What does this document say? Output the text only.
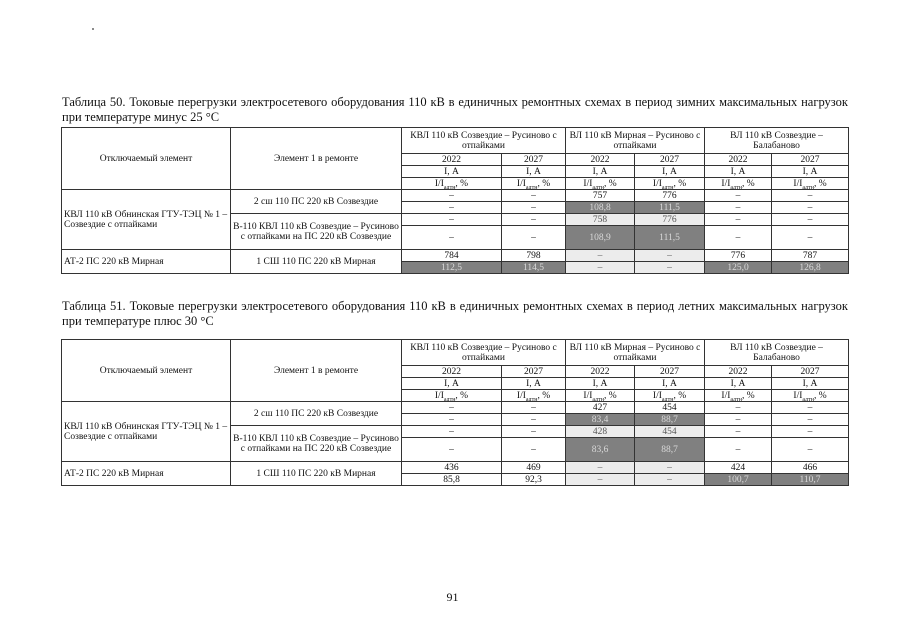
Таблица 50. Токовые перегрузки электросетевого оборудования 110 кВ в единичных ремонтных схемах в период зимних максимальных нагрузок при температуре минус 25 °С
Отключаемый элемент	Элемент 1 в ремонте	КВЛ 110 кВ Созвездие – Русиново с отпайками		ВЛ 110 кВ Мирная – Русиново с отпайками		ВЛ 110 кВ Созвездие – Балабаново	
		2022	2027	2022	2027	2022	2027
		I, А	I, А	I, А	I, А	I, А	I, А
		$I/I_{адтн}$, %	$I/I_{адтн}$, %	$I/I_{адтн}$, %	$I/I_{адтн}$, %	$I/I_{адтн}$, %	$I/I_{адтн}$, %
КВЛ 110 кВ Обнинская ГТУ-ТЭЦ № 1 – Созвездие с отпайками	2 сш 110 ПС 220 кВ Созвездие	–	–	757	776	–	–
		–	–	108,8	111,5	–	–
	В-110 КВЛ 110 кВ Созвездие – Русиново с отпайками на ПС 220 кВ Созвездие	–	–	758	776	–	–
		–	–	108,9	111,5	–	–

АТ-2 ПС 220 кВ Мирная	1 СШ 110 ПС 220 кВ Мирная	784	798	–	–	776	787
		112,5	114,5	–	–	125,0	126,8
Таблица 51. Токовые перегрузки электросетевого оборудования 110 кВ в единичных ремонтных схемах в период летних максимальных нагрузок при температуре плюс 30 °С
Отключаемый элемент	Элемент 1 в ремонте	КВЛ 110 кВ Созвездие – Русиново с отпайками		ВЛ 110 кВ Мирная – Русиново с отпайками		ВЛ 110 кВ Созвездие – Балабаново	
		2022	2027	2022	2027	2022	2027
		I, А	I, А	I, А	I, А	I, А	I, А
		$I/I_{адтн}$, %	$I/I_{адтн}$, %	$I/I_{адтн}$, %	$I/I_{адтн}$, %	$I/I_{адтн}$, %	$I/I_{адтн}$, %
КВЛ 110 кВ Обнинская ГТУ-ТЭЦ № 1 – Созвездие с отпайками	2 сш 110 ПС 220 кВ Созвездие	–	–	427	454	–	–
		–	–	83,4	88,7	–	–
	В-110 КВЛ 110 кВ Созвездие – Русиново с отпайками на ПС 220 кВ Созвездие	–	–	428	454	–	–
		–	–	83,6	88,7	–	–

АТ-2 ПС 220 кВ Мирная	1 СШ 110 ПС 220 кВ Мирная	436	469	–	–	424	466
		85,8	92,3	–	–	100,7	110,7
91
